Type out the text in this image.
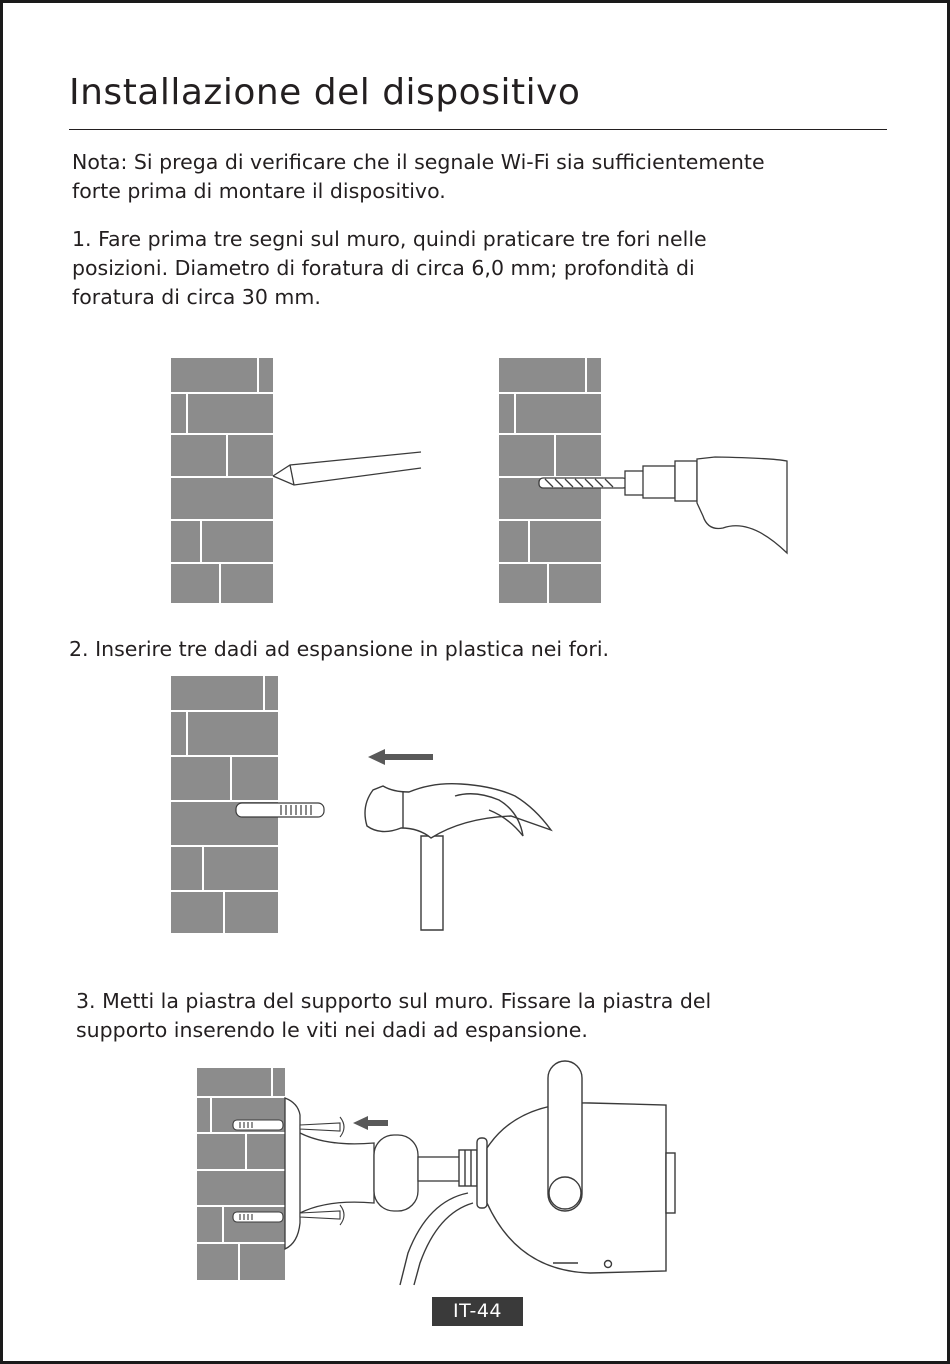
Installazione del dispositivo

Nota: Si prega di verificare che il segnale Wi-Fi sia sufficientemente
forte prima di montare il dispositivo.

1. Fare prima tre segni sul muro, quindi praticare tre fori nelle
posizioni. Diametro di foratura di circa 6,0 mm; profondità di
foratura di circa 30 mm.

2. Inserire tre dadi ad espansione in plastica nei fori.

3. Metti la piastra del supporto sul muro. Fissare la piastra del
supporto inserendo le viti nei dadi ad espansione.

IT-44
